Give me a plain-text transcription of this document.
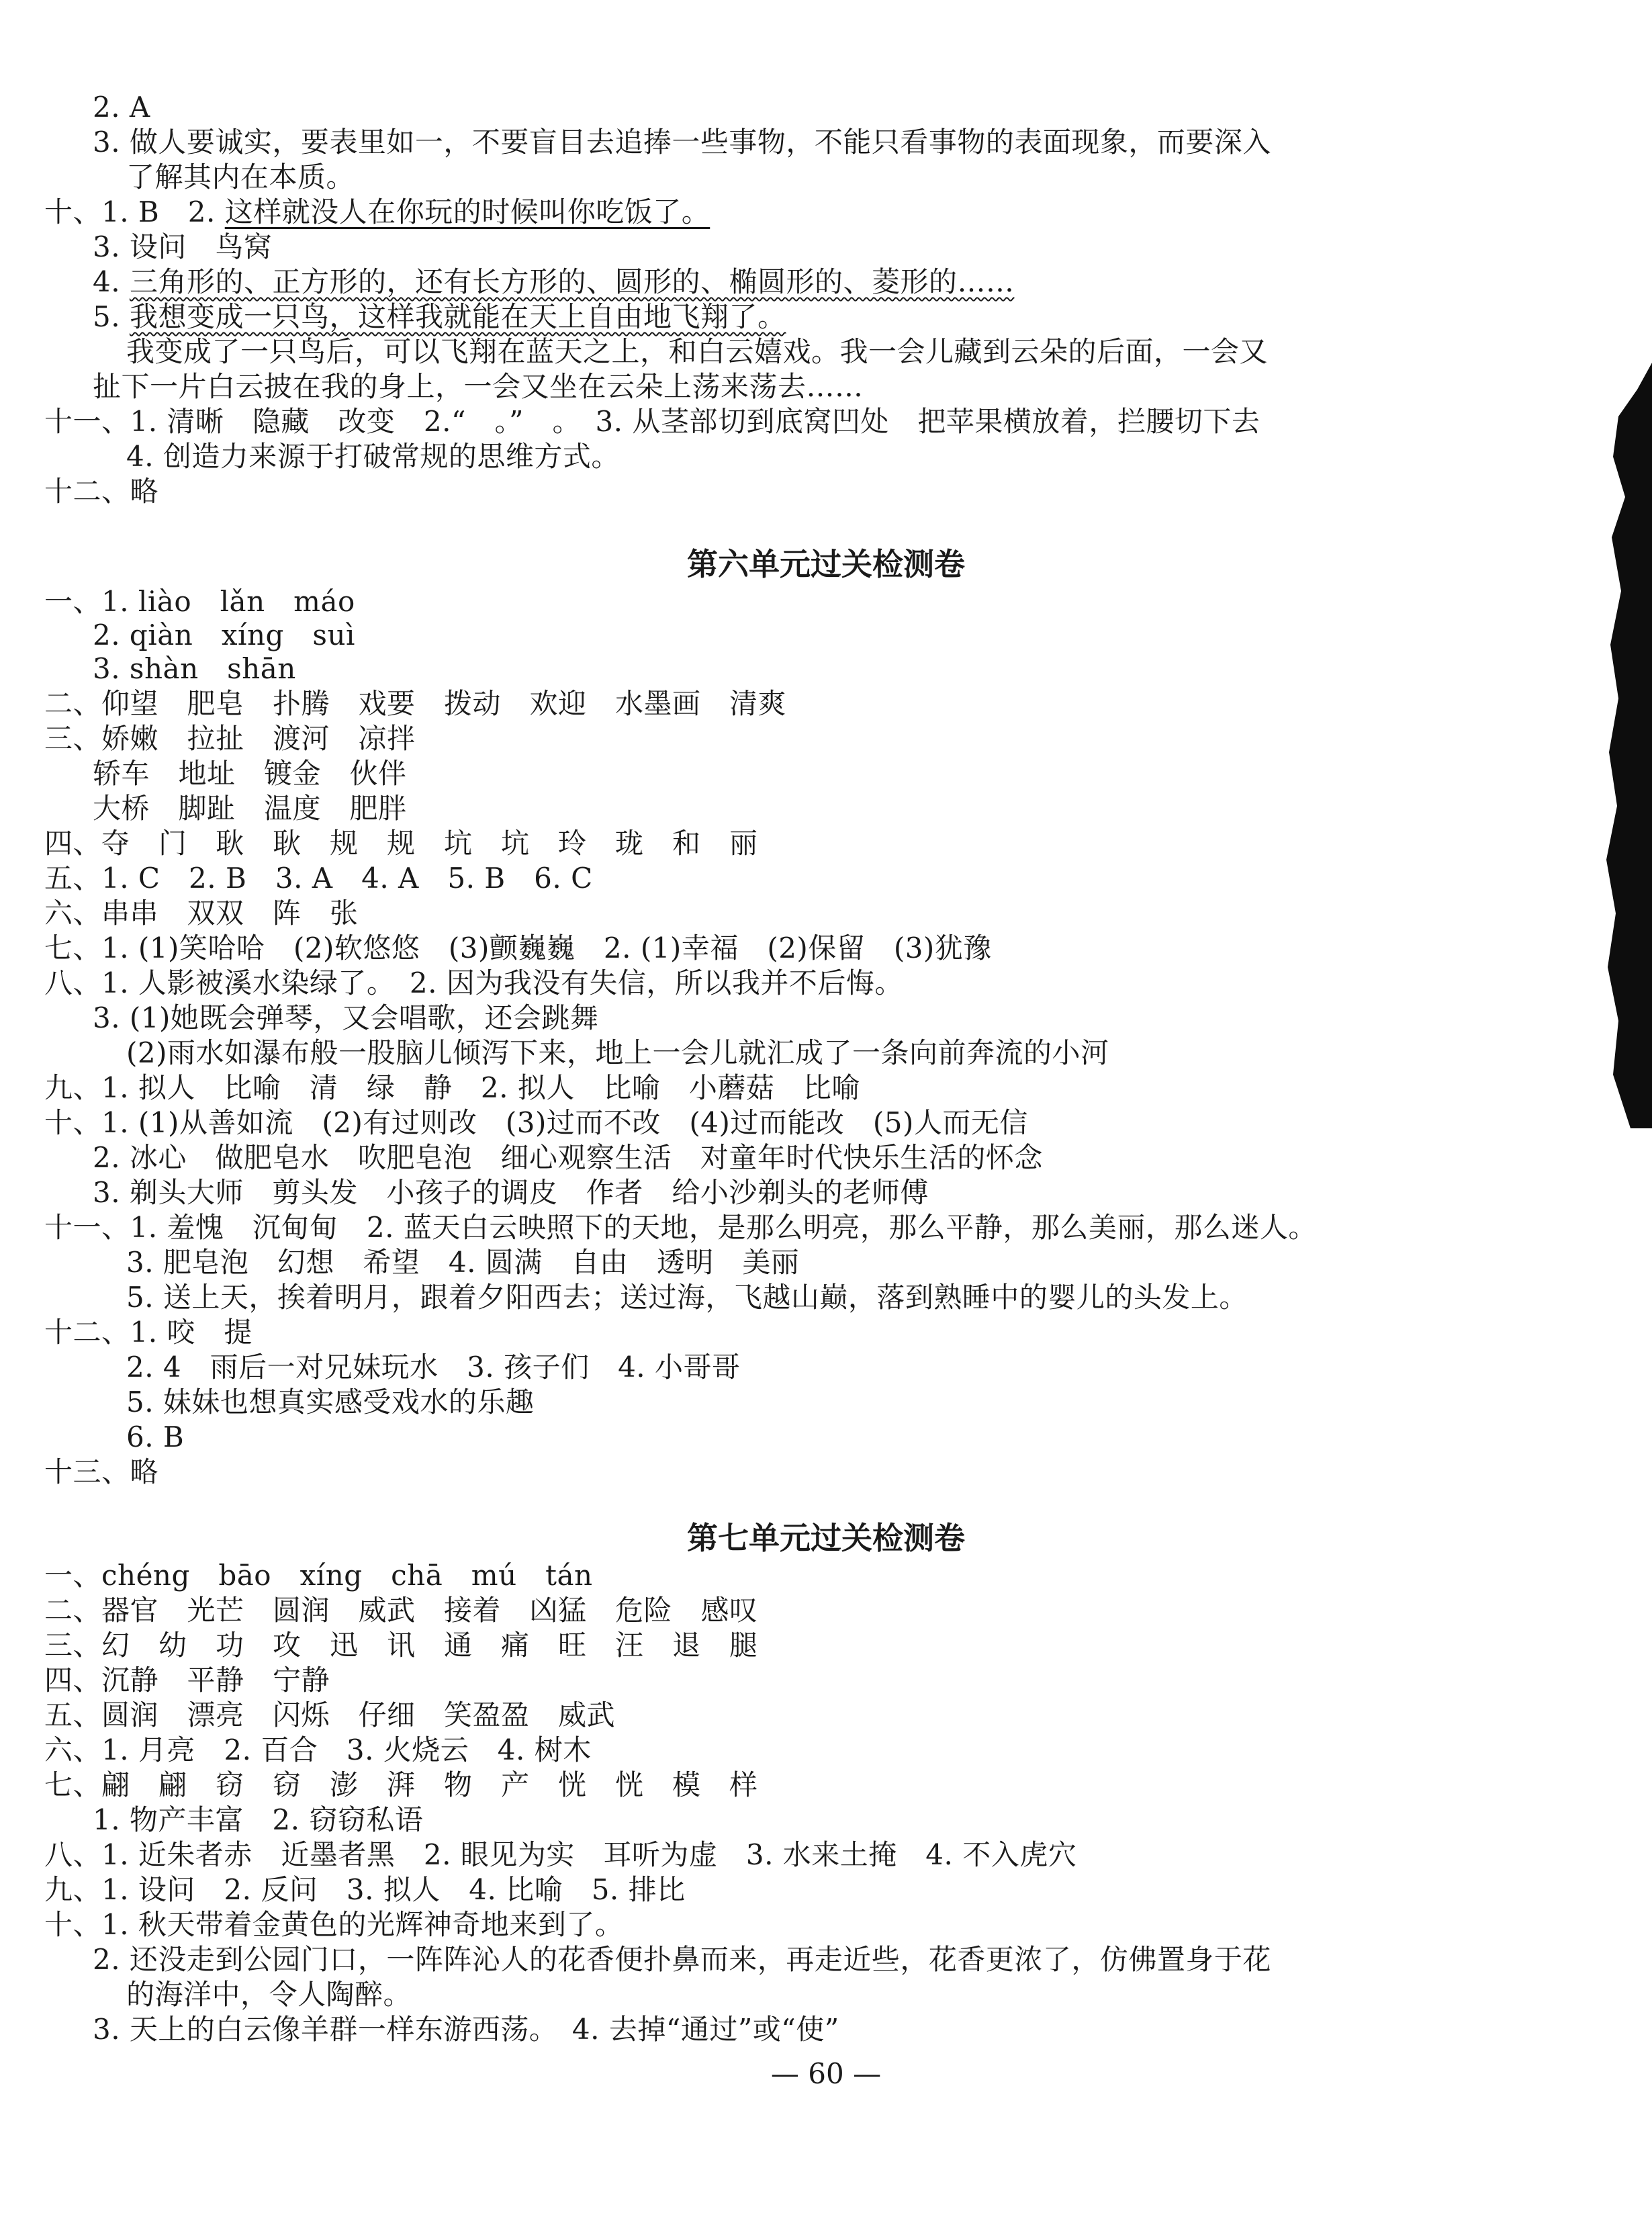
2. A
3. 做人要诚实，要表里如一，不要盲目去追捧一些事物，不能只看事物的表面现象，而要深入
了解其内在本质。
十、1. B　2. 这样就没人在你玩的时候叫你吃饭了。
3. 设问　鸟窝
4. 三角形的、正方形的，还有长方形的、圆形的、椭圆形的、菱形的……
5. 我想变成一只鸟，这样我就能在天上自由地飞翔了。
我变成了一只鸟后，可以飞翔在蓝天之上，和白云嬉戏。我一会儿藏到云朵的后面，一会又
扯下一片白云披在我的身上，一会又坐在云朵上荡来荡去……
十一、1. 清晰　隐藏　改变　2.“　。”　。　3. 从茎部切到底窝凹处　把苹果横放着，拦腰切下去
4. 创造力来源于打破常规的思维方式。
十二、略
第六单元过关检测卷
一、1. liào　lǎn　máo
2. qiàn　xíng　suì
3. shàn　shān
二、仰望　肥皂　扑腾　戏要　拨动　欢迎　水墨画　清爽
三、娇嫩　拉扯　渡河　凉拌
轿车　地址　镀金　伙伴
大桥　脚趾　温度　肥胖
四、夺　门　耿　耿　规　规　坑　坑　玲　珑　和　丽
五、1. C　2. B　3. A　4. A　5. B　6. C
六、串串　双双　阵　张
七、1. (1)笑哈哈　(2)软悠悠　(3)颤巍巍　2. (1)幸福　(2)保留　(3)犹豫
八、1. 人影被溪水染绿了。　2. 因为我没有失信，所以我并不后悔。
3. (1)她既会弹琴，又会唱歌，还会跳舞
(2)雨水如瀑布般一股脑儿倾泻下来，地上一会儿就汇成了一条向前奔流的小河
九、1. 拟人　比喻　清　绿　静　2. 拟人　比喻　小蘑菇　比喻
十、1. (1)从善如流　(2)有过则改　(3)过而不改　(4)过而能改　(5)人而无信
2. 冰心　做肥皂水　吹肥皂泡　细心观察生活　对童年时代快乐生活的怀念
3. 剃头大师　剪头发　小孩子的调皮　作者　给小沙剃头的老师傅
十一、1. 羞愧　沉甸甸　2. 蓝天白云映照下的天地，是那么明亮，那么平静，那么美丽，那么迷人。
3. 肥皂泡　幻想　希望　4. 圆满　自由　透明　美丽
5. 送上天，挨着明月，跟着夕阳西去；送过海，飞越山巅，落到熟睡中的婴儿的头发上。
十二、1. 咬　提
2. 4　雨后一对兄妹玩水　3. 孩子们　4. 小哥哥
5. 妹妹也想真实感受戏水的乐趣
6. B
十三、略
第七单元过关检测卷
一、chéng　bāo　xíng　chā　mú　tán
二、器官　光芒　圆润　威武　接着　凶猛　危险　感叹
三、幻　幼　功　攻　迅　讯　通　痛　旺　汪　退　腿
四、沉静　平静　宁静
五、圆润　漂亮　闪烁　仔细　笑盈盈　威武
六、1. 月亮　2. 百合　3. 火烧云　4. 树木
七、翩　翩　窃　窃　澎　湃　物　产　恍　恍　模　样
1. 物产丰富　2. 窃窃私语
八、1. 近朱者赤　近墨者黑　2. 眼见为实　耳听为虚　3. 水来土掩　4. 不入虎穴
九、1. 设问　2. 反问　3. 拟人　4. 比喻　5. 排比
十、1. 秋天带着金黄色的光辉神奇地来到了。
2. 还没走到公园门口，一阵阵沁人的花香便扑鼻而来，再走近些，花香更浓了，仿佛置身于花
的海洋中，令人陶醉。
3. 天上的白云像羊群一样东游西荡。　4. 去掉“通过”或“使”
— 60 —
